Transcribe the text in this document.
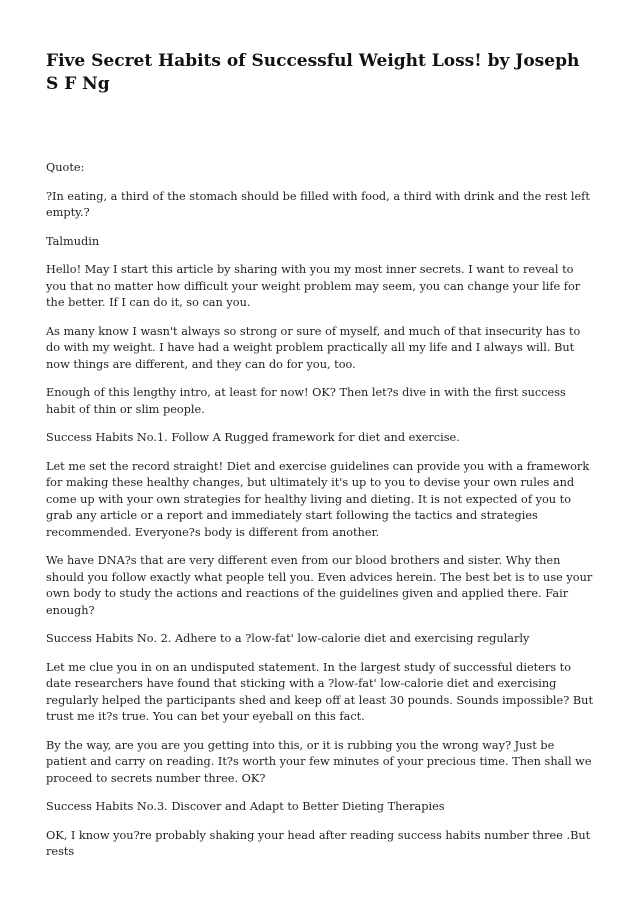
Five Secret Habits of Successful Weight Loss! by Joseph S F Ng

Quote:

?In eating, a third of the stomach should be filled with food, a third with drink and the rest left empty.?

Talmudin

Hello! May I start this article by sharing with you my most inner secrets. I want to reveal to you that no matter how difficult your weight problem may seem, you can change your life for the better. If I can do it, so can you.

As many know I wasn't always so strong or sure of myself, and much of that insecurity has to do with my weight. I have had a weight problem practically all my life and I always will. But now things are different, and they can do for you, too.

Enough of this lengthy intro, at least for now! OK? Then let?s dive in with the first success habit of thin or slim people.

Success Habits No.1. Follow A Rugged framework for diet and exercise.

Let me set the record straight! Diet and exercise guidelines can provide you with a framework for making these healthy changes, but ultimately it's up to you to devise your own rules and come up with your own strategies for healthy living and dieting. It is not expected of you to grab any article or a report and immediately start following the tactics and strategies recommended. Everyone?s body is different from another.

We have DNA?s that are very different even from our blood brothers and sister. Why then should you follow exactly what people tell you. Even advices herein. The best bet is to use your own body to study the actions and reactions of the guidelines given and applied there. Fair enough?

Success Habits No. 2. Adhere to a ?low-fat' low-calorie diet and exercising regularly

Let me clue you in on an undisputed statement. In the largest study of successful dieters to date researchers have found that sticking with a ?low-fat' low-calorie diet and exercising regularly helped the participants shed and keep off at least 30 pounds. Sounds impossible? But trust me it?s true. You can bet your eyeball on this fact.

By the way, are you are you getting into this, or it is rubbing you the wrong way? Just be patient and carry on reading. It?s worth your few minutes of your precious time. Then shall we proceed to secrets number three. OK?

Success Habits No.3. Discover and Adapt to Better Dieting Therapies

OK, I know you?re probably shaking your head after reading success habits number three .But rests
